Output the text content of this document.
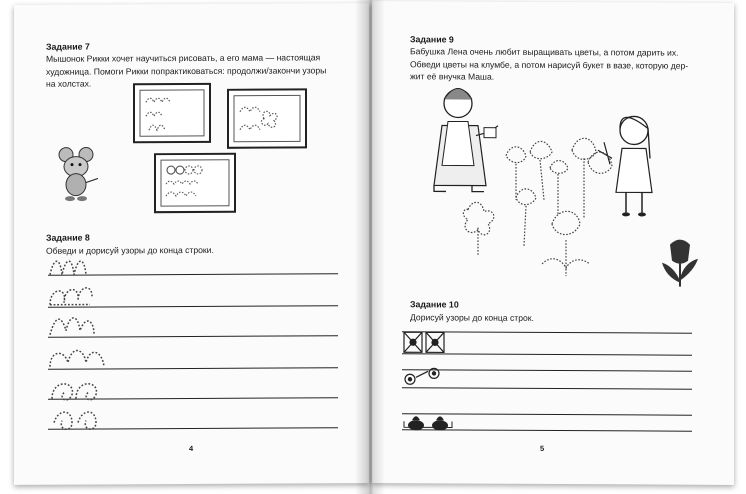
Задание 7
Мышонок Рикки хочет научиться рисовать, а его мама — настоящая
художница. Помоги Рикки попрактиковаться: продолжи/закончи узоры
на холстах.
Задание 8
Обведи и дорисуй узоры до конца строки.
4
Задание 9
Бабушка Лена очень любит выращивать цветы, а потом дарить их.
Обведи цветы на клумбе, а потом нарисуй букет в вазе, которую дер-
жит её внучка Маша.
Задание 10
Дорисуй узоры до конца строк.
5
